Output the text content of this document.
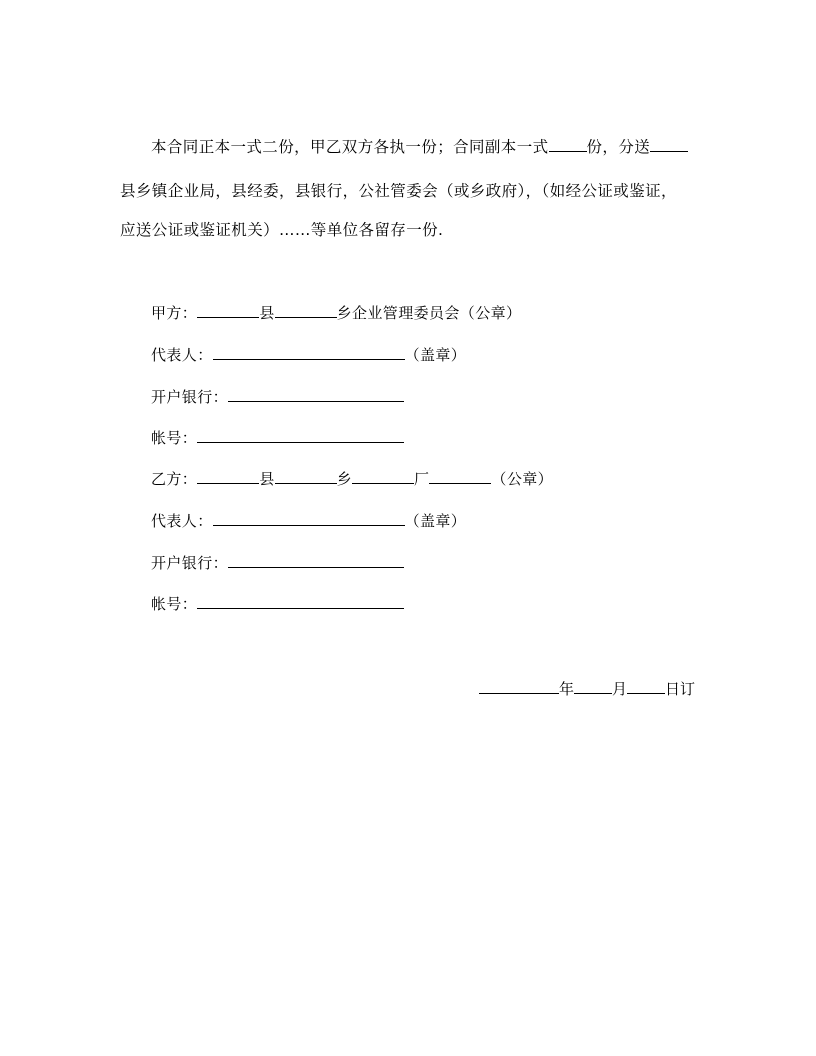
本合同正本一式二份，甲乙双方各执一份；合同副本一式 份，分送
县乡镇企业局，县经委，县银行，公社管委会（或乡政府），（如经公证或鉴证，
应送公证或鉴证机关）……等单位各留存一份.
甲方：	县	乡企业管理委员会（公章）
代表人：	（盖章）
开户银行：
帐号：
乙方：	县	乡	厂	（公章）
代表人：	（盖章）
开户银行：
帐号：
年	月	日订
